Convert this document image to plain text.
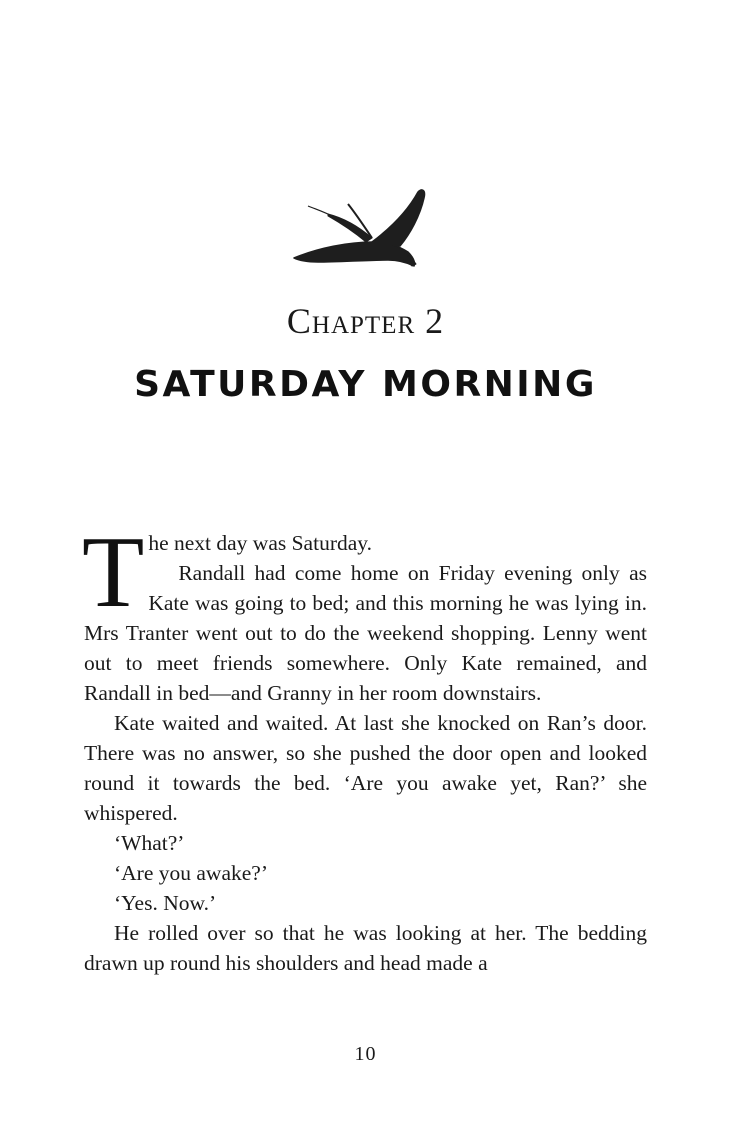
Chapter 2
SATURDAY MORNING

The next day was Saturday.
Randall had come home on Friday evening only as Kate was going to bed; and this morning he was lying in. Mrs Tranter went out to do the weekend shopping. Lenny went out to meet friends somewhere. Only Kate remained, and Randall in bed—and Granny in her room downstairs.

Kate waited and waited. At last she knocked on Ran’s door. There was no answer, so she pushed the door open and looked round it towards the bed. ‘Are you awake yet, Ran?’ she whispered.

‘What?’

‘Are you awake?’

‘Yes. Now.’

He rolled over so that he was looking at her. The bedding drawn up round his shoulders and head made a

10
